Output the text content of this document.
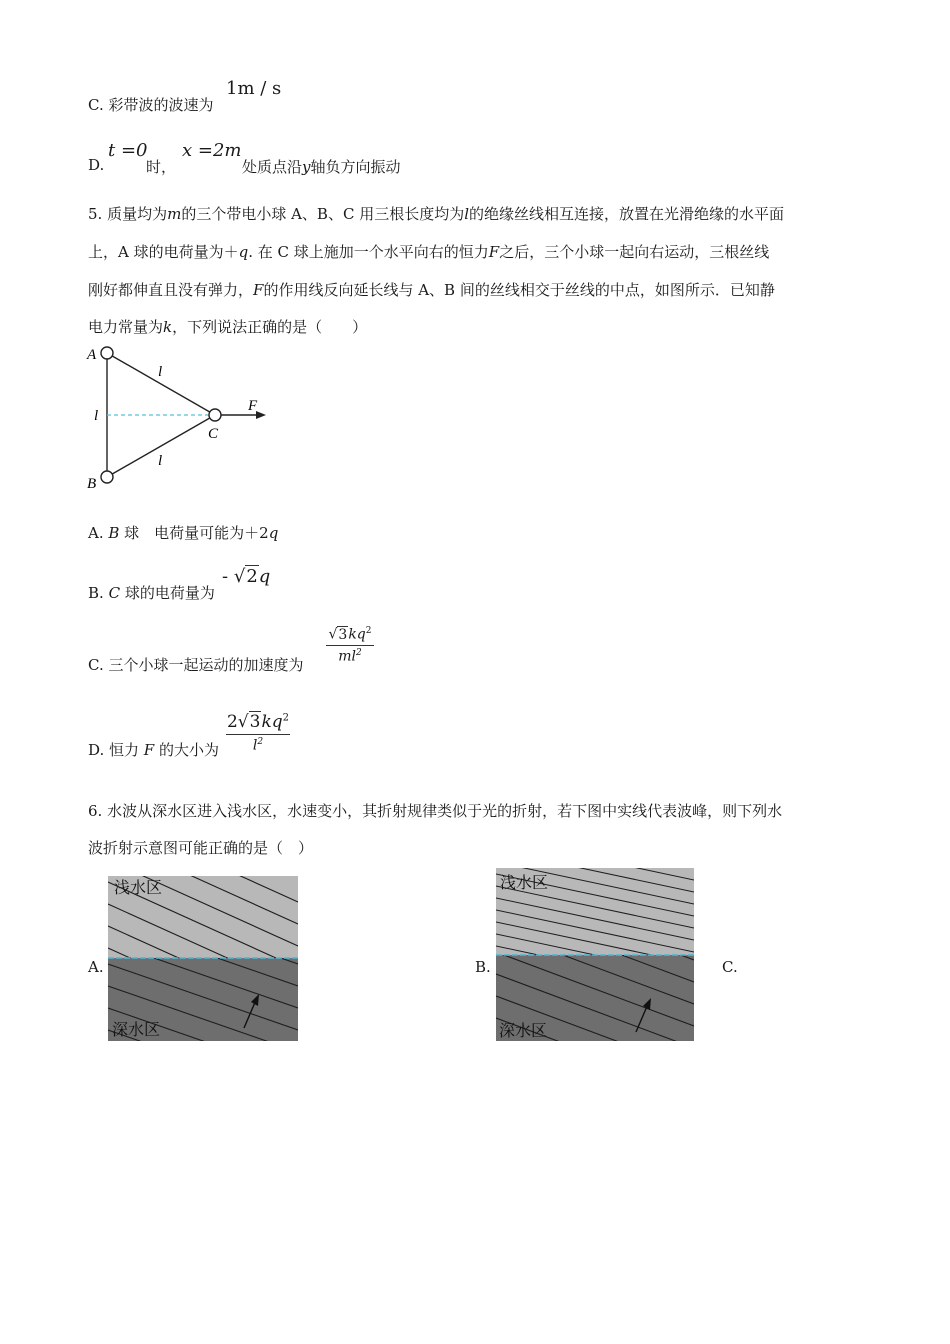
C. 彩带波的波速为
1m / s
D.
t =0
时，
x =2m
处质点沿y轴负方向振动
5. 质量均为m的三个带电小球 A、B、C 用三根长度均为l的绝缘丝线相互连接，放置在光滑绝缘的水平面
上，A 球的电荷量为＋q. 在 C 球上施加一个水平向右的恒力F之后，三个小球一起向右运动，三根丝线
刚好都伸直且没有弹力，F的作用线反向延长线与 A、B 间的丝线相交于丝线的中点，如图所示．已知静
电力常量为k，下列说法正确的是（　　）
A
B
C
F
l
l
l
A. B 球　电荷量可能为＋2q
B. C 球的电荷量为
- √2q
C. 三个小球一起运动的加速度为
$√3kq^2$
$ml^2$
D. 恒力 F 的大小为
$2√3kq^2$
$l^2$
6. 水波从深水区进入浅水区，水速变小，其折射规律类似于光的折射，若下图中实线代表波峰，则下列水
波折射示意图可能正确的是（　）
A.
浅水区
深水区
B.
浅水区
深水区
C.
